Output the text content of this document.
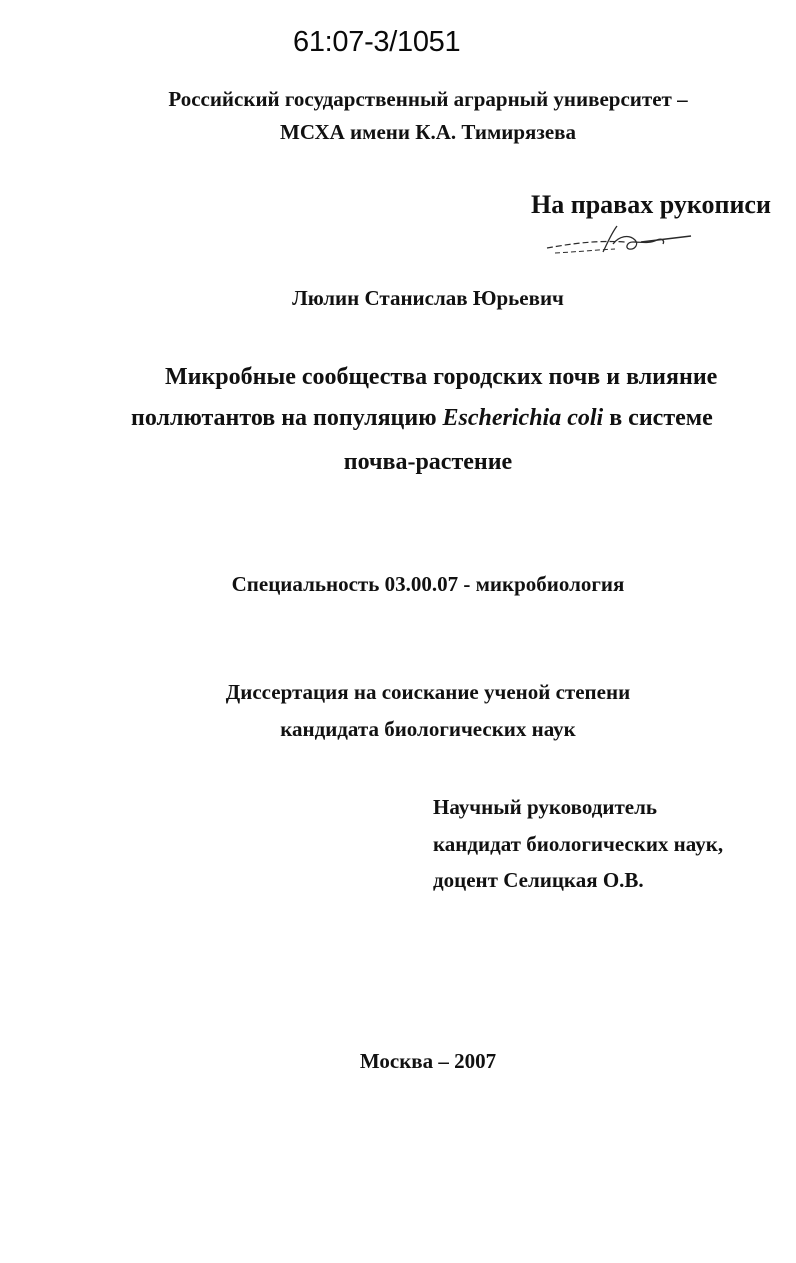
61:07-3/1051
Российский государственный аграрный университет –
МСХА имени К.А. Тимирязева
На правах рукописи
Люлин Станислав Юрьевич
Микробные сообщества городских почв и влияние
поллютантов на популяцию Escherichia coli в системе
почва-растение
Специальность 03.00.07 - микробиология
Диссертация на соискание ученой степени
кандидата биологических наук
Научный руководитель
кандидат биологических наук,
доцент Селицкая О.В.
Москва – 2007
